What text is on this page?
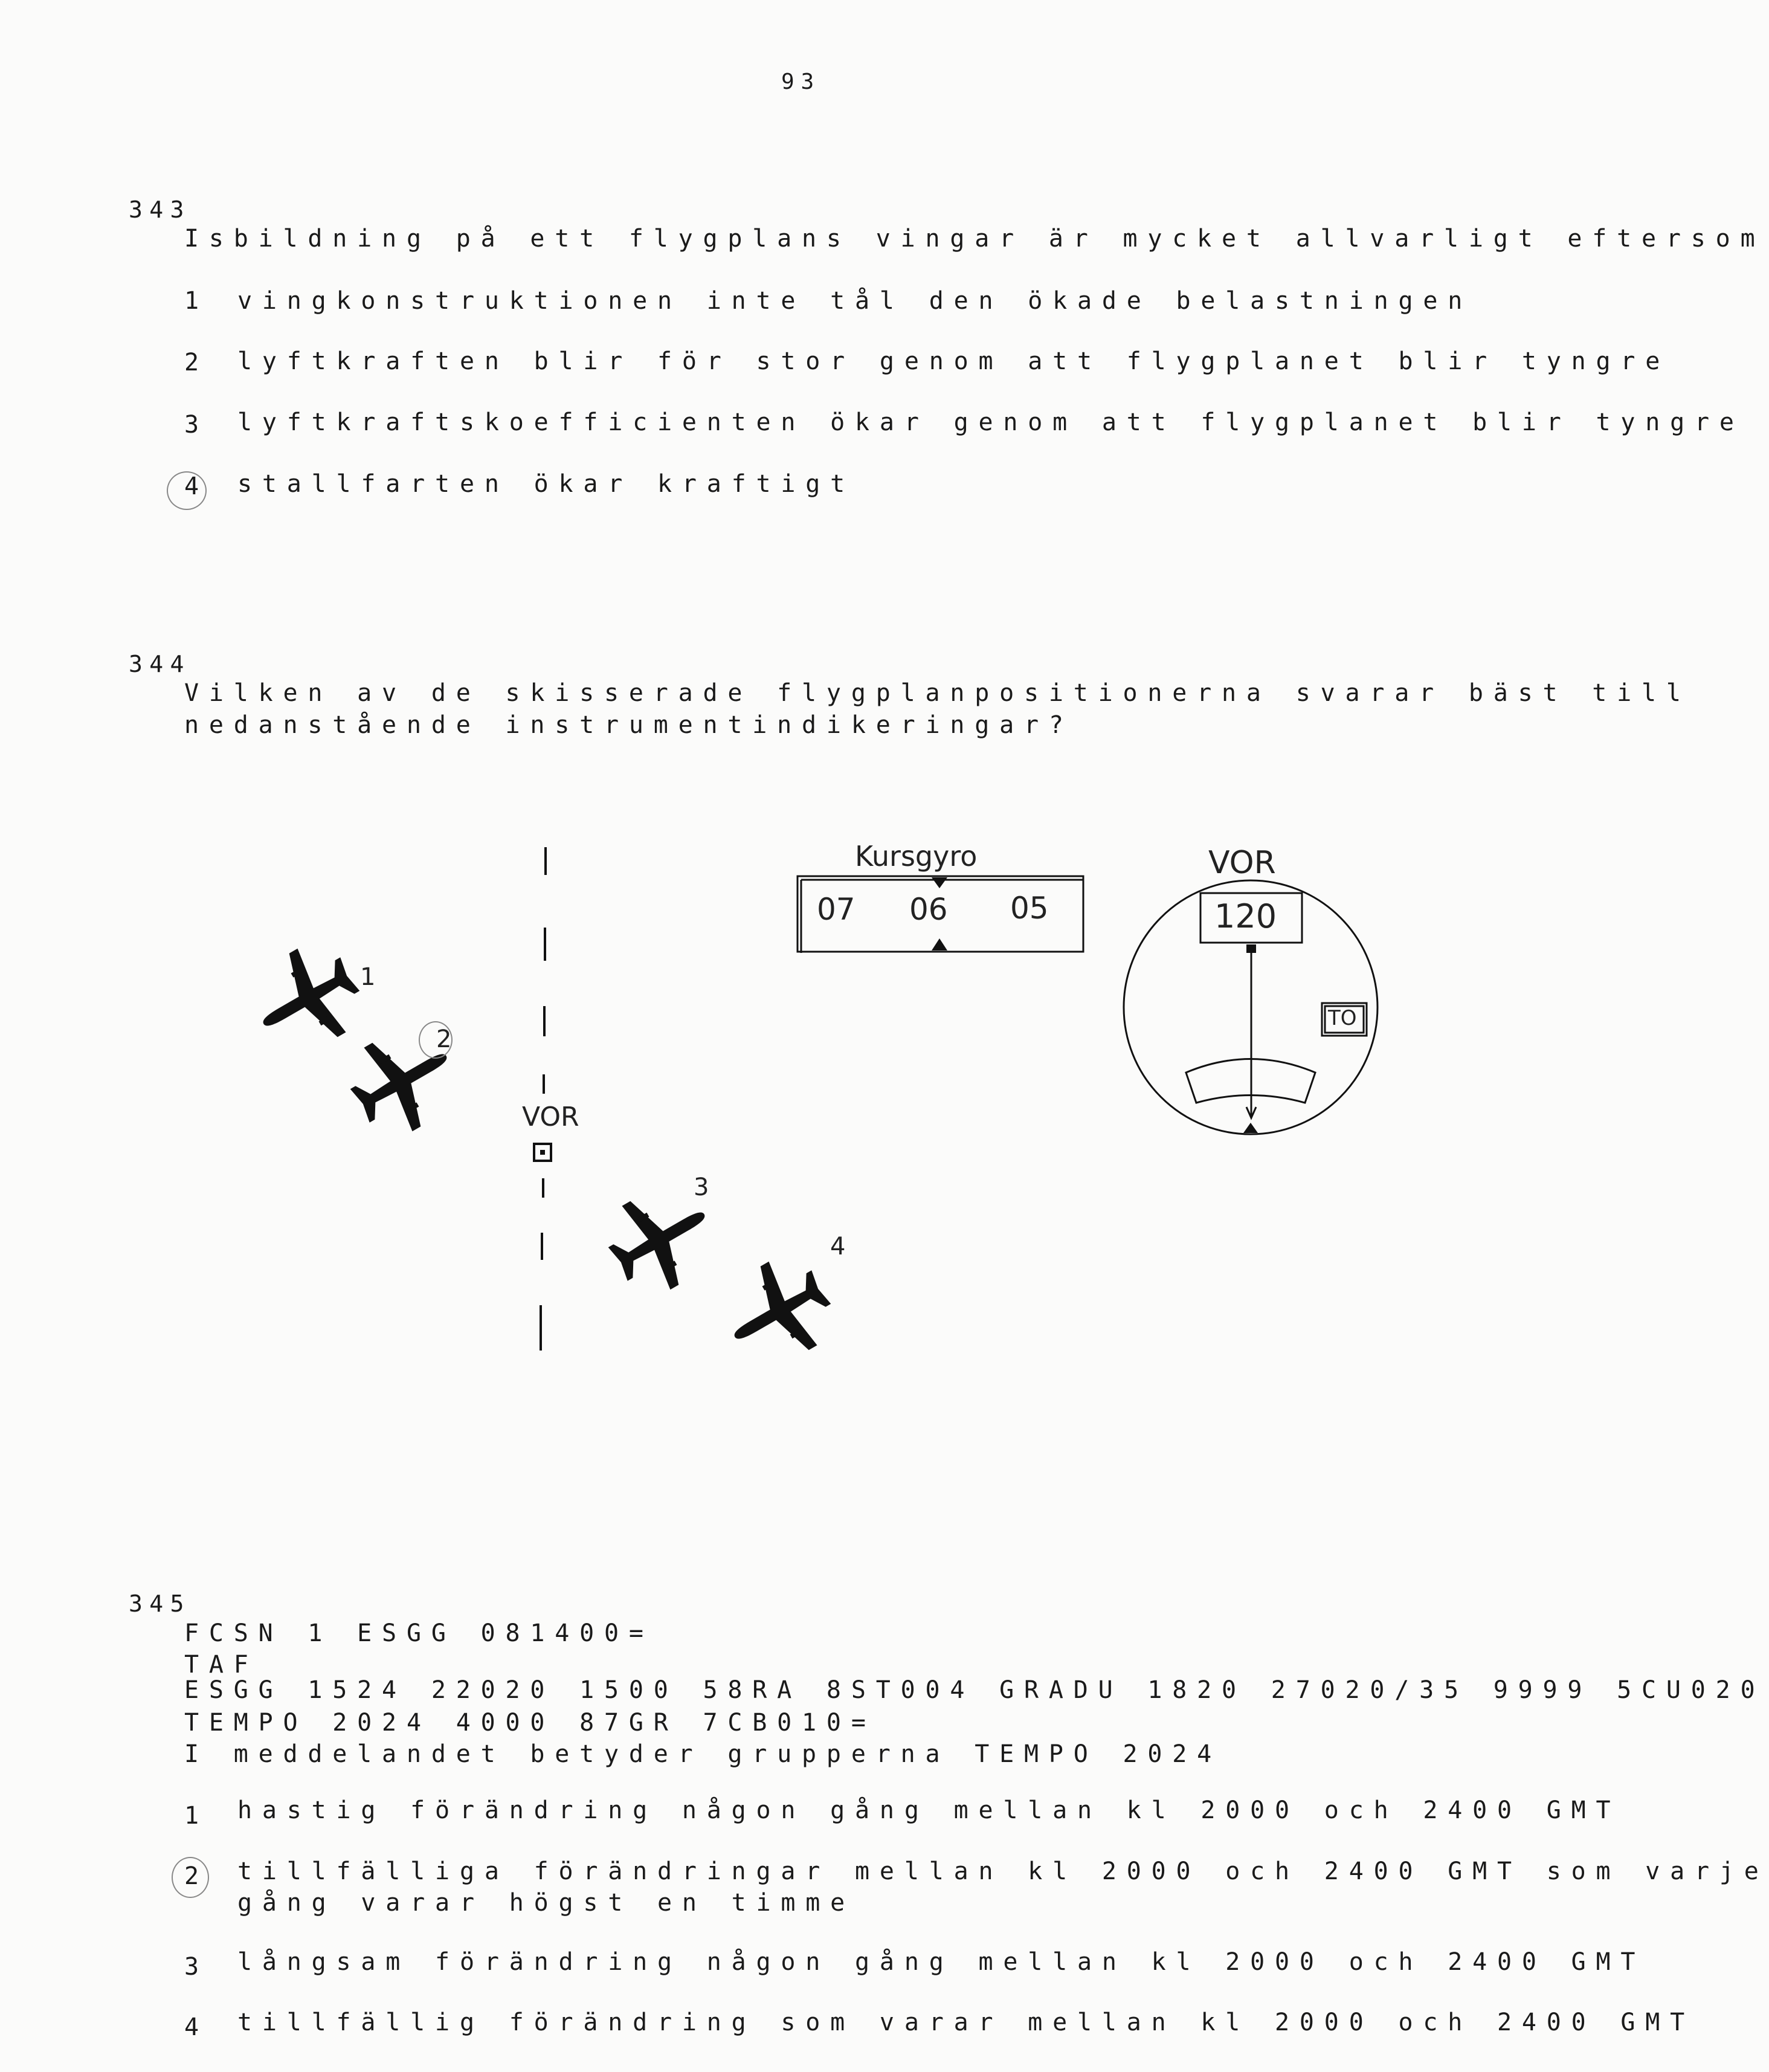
93
343
Isbildning på ett flygplans vingar är mycket allvarligt eftersom
1 vingkonstruktionen inte tål den ökade belastningen
2 lyftkraften blir för stor genom att flygplanet blir tyngre
3 lyftkraftskoefficienten ökar genom att flygplanet blir tyngre
4 stallfarten ökar kraftigt
344
Vilken av de skisserade flygplanpositionerna svarar bäst till
nedanstående instrumentindikeringar?
1
2
3
4
VOR
Kursgyro
07 06 05
VOR
120
TO
345
FCSN 1 ESGG 081400=
TAF
ESGG 1524 22020 1500 58RA 8ST004 GRADU 1820 27020/35 9999 5CU020
TEMPO 2024 4000 87GR 7CB010=
I meddelandet betyder grupperna TEMPO 2024
1 hastig förändring någon gång mellan kl 2000 och 2400 GMT
2 tillfälliga förändringar mellan kl 2000 och 2400 GMT som varje
gång varar högst en timme
3 långsam förändring någon gång mellan kl 2000 och 2400 GMT
4 tillfällig förändring som varar mellan kl 2000 och 2400 GMT
